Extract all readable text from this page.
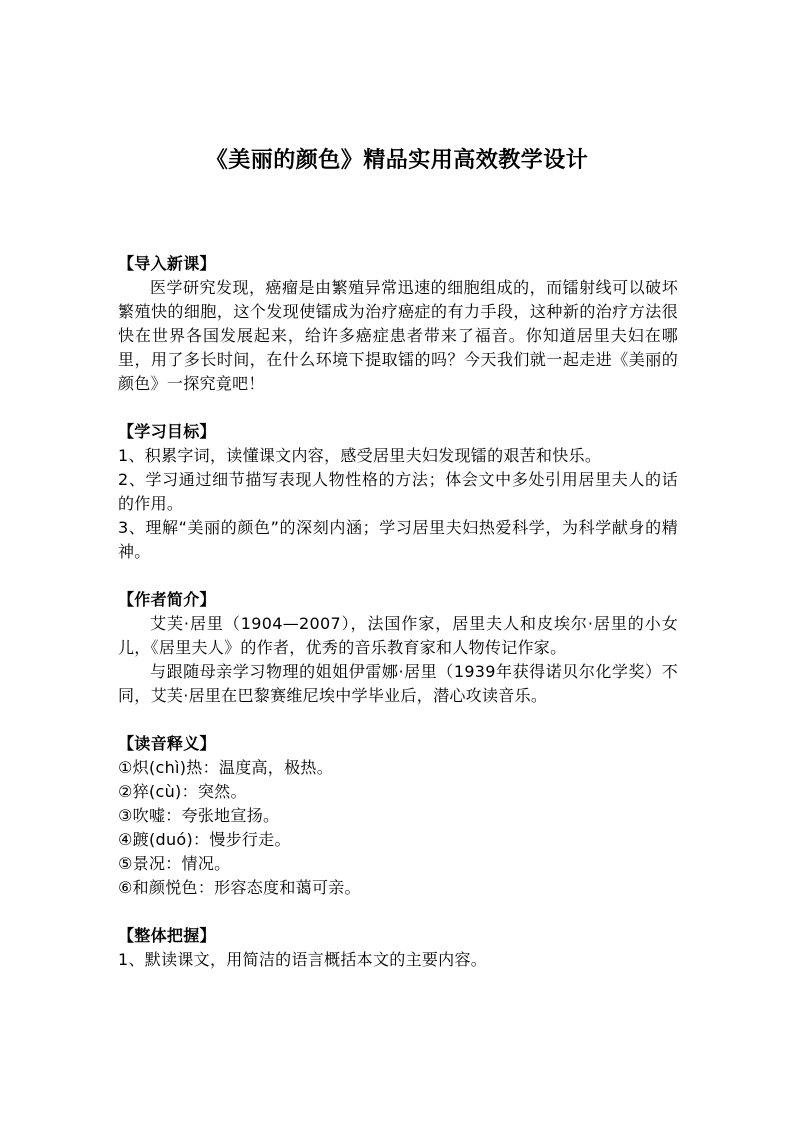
《美丽的颜色》精品实用高效教学设计

【导入新课】

医学研究发现，癌瘤是由繁殖异常迅速的细胞组成的，而镭射线可以破坏繁殖快的细胞，这个发现使镭成为治疗癌症的有力手段，这种新的治疗方法很快在世界各国发展起来，给许多癌症患者带来了福音。你知道居里夫妇在哪里，用了多长时间，在什么环境下提取镭的吗？今天我们就一起走进《美丽的颜色》一探究竟吧！

【学习目标】

1、积累字词，读懂课文内容，感受居里夫妇发现镭的艰苦和快乐。

2、学习通过细节描写表现人物性格的方法；体会文中多处引用居里夫人的话的作用。

3、理解“美丽的颜色”的深刻内涵；学习居里夫妇热爱科学，为科学献身的精神。

【作者简介】

艾芙·居里（1904—2007），法国作家，居里夫人和皮埃尔·居里的小女儿，《居里夫人》的作者，优秀的音乐教育家和人物传记作家。

与跟随母亲学习物理的姐姐伊雷娜·居里（1939年获得诺贝尔化学奖）不同，艾芙·居里在巴黎赛维尼埃中学毕业后，潜心攻读音乐。

【读音释义】

①炽(chì)热：温度高，极热。

②猝(cù)：突然。

③吹嘘：夸张地宣扬。

④踱(duó)：慢步行走。

⑤景况：情况。

⑥和颜悦色：形容态度和蔼可亲。

【整体把握】

1、默读课文，用简洁的语言概括本文的主要内容。
